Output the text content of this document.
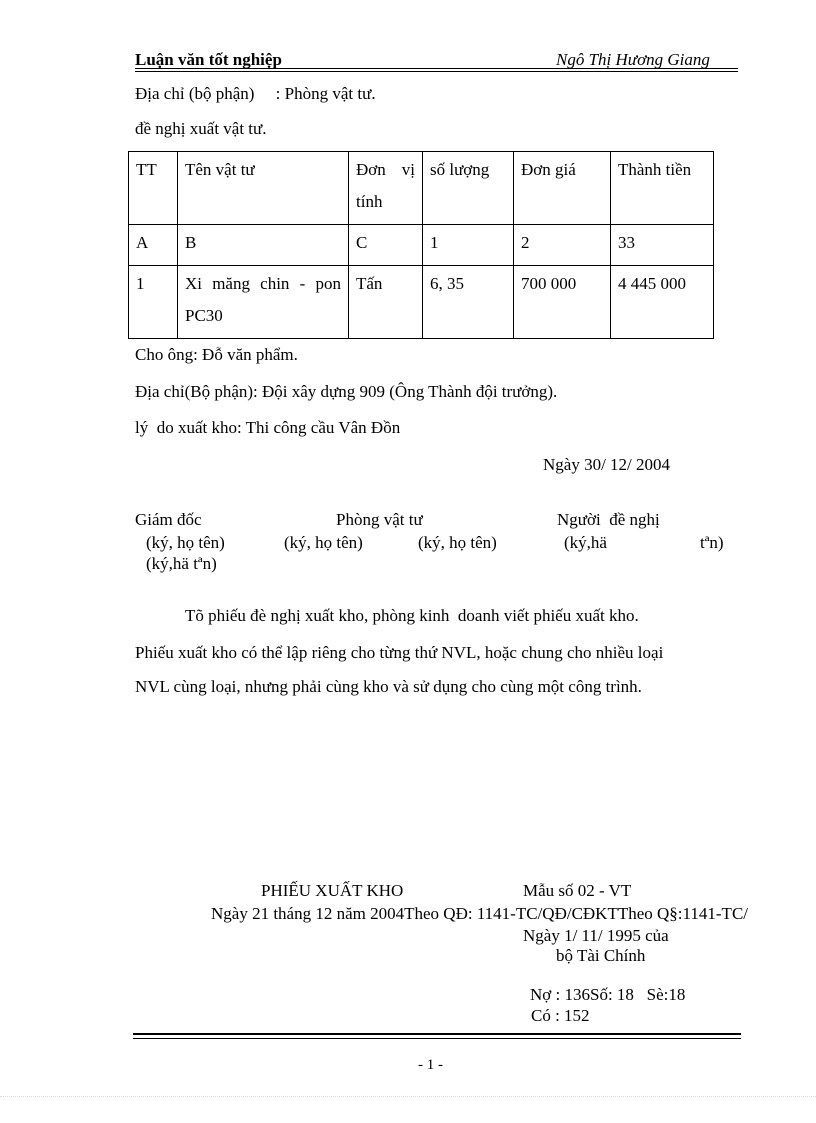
Luận văn tốt nghiệp	Ngô Thị Hương Giang
Địa chỉ (bộ phận)     : Phòng vật tư.
đề nghị xuất vật tư.
TT	Tên vật tư	Đơn vị tính	số lượng	Đơn giá	Thành tiền
A	B	C	1	2	33
1	Xi măng chin - pon PC30	Tấn	6, 35	700 000	4 445 000
Cho ông: Đỗ văn phẩm.
Địa chỉ(Bộ phận): Đội xây dựng 909 (Ông Thành đội trưởng).
lý  do xuất kho: Thi công cầu Vân Đồn
Ngày 30/ 12/ 2004
Giám đốc	Phòng vật tư	Người  đề nghị
(ký, họ tên)	(ký, họ tên)	(ký, họ tên)	(ký,hä	tªn)
(ký,hä tªn)
Tõ phiếu đè nghị xuất kho, phòng kinh  doanh viết phiếu xuất kho.
Phiếu xuất kho có thể lập riêng cho từng thứ NVL, hoặc chung cho nhiều loại
NVL cùng loại, nhưng phải cùng kho và sử dụng cho cùng một công trình.
PHIẾU XUẤT KHO	Mẫu số 02 - VT
Ngày 21 tháng 12 năm 2004Theo QĐ: 1141-TC/QĐ/CĐKTTheo Q§:1141-TC/
Ngày 1/ 11/ 1995 của
bộ Tài Chính
Nợ : 136Số: 18   Sè:18
Có : 152
- 1 -
